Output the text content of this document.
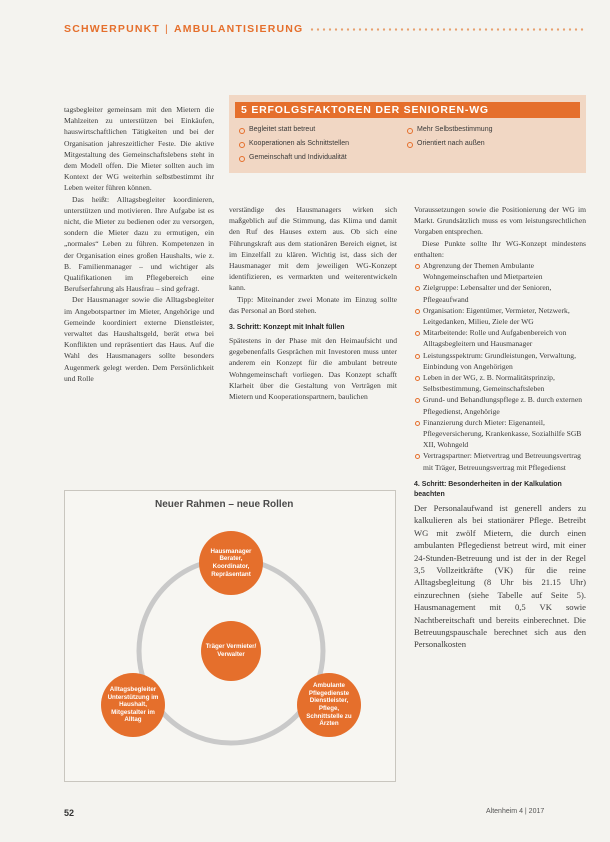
SCHWERPUNKT | AMBULANTISIERUNG

tagsbegleiter gemeinsam mit den Mietern die Mahlzeiten zu unterstützen bei Einkäufen, hauswirtschaftlichen Tätigkeiten und bei der Organisation jahreszeitlicher Feste. Die aktive Mitgestaltung des Gemeinschaftslebens steht in dem Modell offen. Die Mieter sollten auch im Kontext der WG weiterhin selbstbestimmt ihr Leben weiter führen können.

Das heißt: Alltagsbegleiter koordinieren, unterstützen und motivieren. Ihre Aufgabe ist es nicht, die Mieter zu bedienen oder zu versorgen, sondern die Mieter dazu zu ermutigen, ein „normales“ Leben zu führen. Kompetenzen in der Organisation eines großen Haushalts, wie z. B. Familienmanager – und wichtiger als Qualifikationen im Pflegebereich eine Berufserfahrung als Hausfrau – sind gefragt.

Der Hausmanager sowie die Alltagsbegleiter im Angebotspartner im Mieter, Angehörige und Gemeinde koordiniert externe Dienstleister, verwaltet das Haushaltsgeld, berät etwa bei Konflikten und repräsentiert das Haus. Auf die Wahl des Hausmanagers sollte besonders Augenmerk gelegt werden. Dem Persönlichkeit und Rolle

5 ERFOLGSFAKTOREN DER SENIOREN-WG
Begleitet statt betreut	Mehr Selbstbestimmung
Kooperationen als Schnittstellen	Orientiert nach außen
Gemeinschaft und Individualität

verständige des Hausmanagers wirken sich maßgeblich auf die Stimmung, das Klima und damit den Ruf des Hauses extern aus. Ob sich eine Führungskraft aus dem stationären Bereich eignet, ist im Einzelfall zu klären. Wichtig ist, dass sich der Hausmanager mit dem jeweiligen WG-Konzept identifizieren, es vermarkten und weiterentwickeln kann.

Tipp: Miteinander zwei Monate im Einzug sollte das Personal an Bord stehen.

3. Schritt: Konzept mit Inhalt füllen

Spätestens in der Phase mit den Heimaufsicht und gegebenenfalls Gesprächen mit Investoren muss unter anderem ein Konzept für die ambulant betreute Wohngemeinschaft vorliegen. Das Konzept schafft Klarheit über die Gestaltung von Verträgen mit Mietern und Kooperationspartnern, baulichen

Voraussetzungen sowie die Positionierung der WG im Markt. Grundsätzlich muss es vom leistungsrechtlichen Vorgaben entsprechen.

Diese Punkte sollte Ihr WG-Konzept mindestens enthalten:

Abgrenzung der Themen Ambulante Wohngemeinschaften und Mietparteien
Zielgruppe: Lebensalter und der Senioren, Pflegeaufwand
Organisation: Eigentümer, Vermieter, Netzwerk, Leitgedanken, Milieu, Ziele der WG
Mitarbeitende: Rolle und Aufgabenbereich von Alltagsbegleitern und Hausmanager
Leistungsspektrum: Grundleistungen, Verwaltung, Einbindung von Angehörigen
Leben in der WG, z. B. Normalitätsprinzip, Selbstbestimmung, Gemeinschaftsleben
Grund- und Behandlungspflege z. B. durch externen Pflegedienst, Angehörige
Finanzierung durch Mieter: Eigenanteil, Pflegeversicherung, Krankenkasse, Sozialhilfe SGB XII, Wohngeld
Vertragspartner: Mietvertrag und Betreuungsvertrag mit Träger, Betreuungsvertrag mit Pflegedienst
4. Schritt: Besonderheiten in der Kalkulation beachten

Der Personalaufwand ist generell anders zu kalkulieren als bei stationärer Pflege. Betreibt WG mit zwölf Mietern, die durch einen ambulanten Pflegedienst betreut wird, mit einer 24-Stunden-Betreuung und ist der in der Regel 3,5 Vollzeitkräfte (VK) für die reine Alltagsbegleitung (8 Uhr bis 21.15 Uhr) einzurechnen (siehe Tabelle auf Seite 5). Hausmanagement mit 0,5 VK sowie Nachtbereitschaft und bereits einberechnet. Die Betreuungspauschale berechnet sich aus den Personalkosten

Neuer Rahmen – neue Rollen
Hausmanager Berater, Koordinator, Repräsentant
Träger Vermieter/ Verwalter
Alltagsbegleiter Unterstützung im Haushalt, Mitgestalter im Alltag
Ambulante Pflegedienste Dienstleister, Pflege, Schnittstelle zu Ärzten
52	Altenheim 4 | 2017
